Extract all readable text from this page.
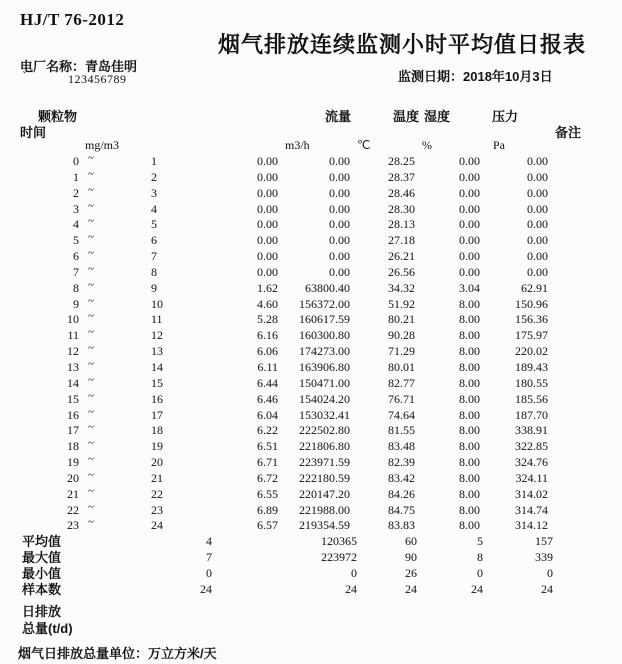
HJ/T 76-2012
烟气排放连续监测小时平均值日报表
电厂名称：青岛佳明
`	123456789	监测日期：2018年10月3日
颗粒物
时间
流量	温度 湿度	压力
备注
mg/m3	m3/h	℃	%	Pa
0 ~	1	0.00	0.00	28.25	0.00	0.00
1 ~	2	0.00	0.00	28.37	0.00	0.00
2 ~	3	0.00	0.00	28.46	0.00	0.00
3 ~	4	0.00	0.00	28.30	0.00	0.00
4 ~	5	0.00	0.00	28.13	0.00	0.00
5 ~	6	0.00	0.00	27.18	0.00	0.00
6 ~	7	0.00	0.00	26.21	0.00	0.00
7 ~	8	0.00	0.00	26.56	0.00	0.00
8 ~	9	1.62	63800.40	34.32	3.04	62.91
9 ~	10	4.60	156372.00	51.92	8.00	150.96
10 ~	11	5.28	160617.59	80.21	8.00	156.36
11 ~	12	6.16	160300.80	90.28	8.00	175.97
12 ~	13	6.06	174273.00	71.29	8.00	220.02
13 ~	14	6.11	163906.80	80.01	8.00	189.43
14 ~	15	6.44	150471.00	82.77	8.00	180.55
15 ~	16	6.46	154024.20	76.71	8.00	185.56
16 ~	17	6.04	153032.41	74.64	8.00	187.70
17 ~	18	6.22	222502.80	81.55	8.00	338.91
18 ~	19	6.51	221806.80	83.48	8.00	322.85
19 ~	20	6.71	223971.59	82.39	8.00	324.76
20 ~	21	6.72	222180.59	83.42	8.00	324.11
21 ~	22	6.55	220147.20	84.26	8.00	314.02
22 ~	23	6.89	221988.00	84.75	8.00	314.74
23 ~	24	6.57	219354.59	83.83	8.00	314.12
平均值	4	120365	60	5	157
最大值	7	223972	90	8	339
最小值	0	0	26	0	0
样本数	24	24	24	24	24
日排放
总量(t/d)
烟气日排放总量单位：万立方米/天
